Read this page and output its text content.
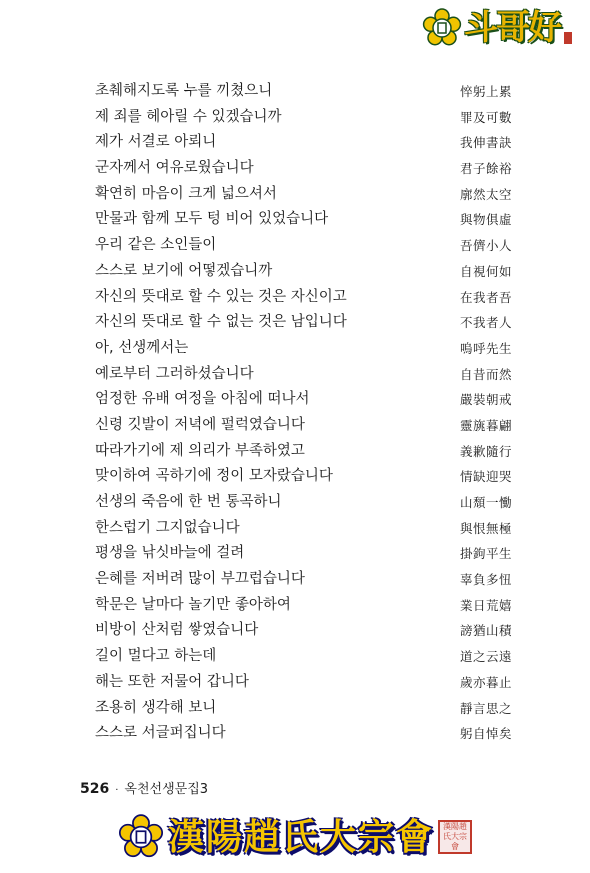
斗哥好
초췌해지도록 누를 끼쳤으니	悴躬上累
제 죄를 헤아릴 수 있겠습니까	罪及可數
제가 서결로 아뢰니	我伸書訣
군자께서 여유로웠습니다	君子餘裕
확연히 마음이 크게 넓으셔서	廓然太空
만물과 함께 모두 텅 비어 있었습니다	與物俱虛
우리 같은 소인들이	吾儕小人
스스로 보기에 어떻겠습니까	自視何如
자신의 뜻대로 할 수 있는 것은 자신이고	在我者吾
자신의 뜻대로 할 수 없는 것은 남입니다	不我者人
아, 선생께서는	嗚呼先生
예로부터 그러하셨습니다	自昔而然
엄정한 유배 여정을 아침에 떠나서	嚴裝朝戒
신령 깃발이 저녁에 펄럭였습니다	靈旐暮翩
따라가기에 제 의리가 부족하였고	義歉隨行
맞이하여 곡하기에 정이 모자랐습니다	情缺迎哭
선생의 죽음에 한 번 통곡하니	山頹一慟
한스럽기 그지없습니다	與恨無極
평생을 낚싯바늘에 걸려	掛鉤平生
은혜를 저버려 많이 부끄럽습니다	辜負多忸
학문은 날마다 놀기만 좋아하여	業日荒嬉
비방이 산처럼 쌓였습니다	謗猶山積
길이 멀다고 하는데	道之云遠
해는 또한 저물어 갑니다	歲亦暮止
조용히 생각해 보니	靜言思之
스스로 서글퍼집니다	躬自悼矣
526 · 옥천선생문집3
漢陽趙氏大宗會	漢陽趙氏大宗會
